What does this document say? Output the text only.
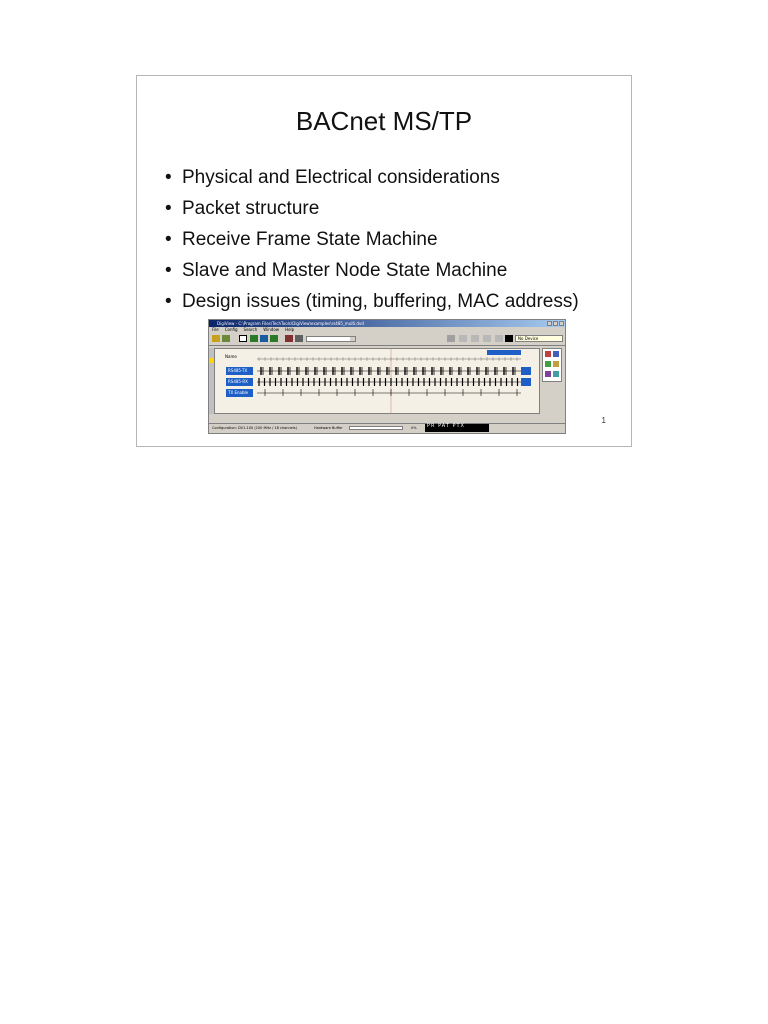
BACnet MS/TP
• Physical and Electrical considerations
• Packet structure
• Receive Frame State Machine
• Slave and Master Node State Machine
• Design issues (timing, buffering, MAC address)
DigiView - C:\Program Files\TechTools\DigiView\examples\rs485_multi.dvd
File Config Search Window Help
No Device
Name
RS485-TX
RS485-RX
TX Enable
Configuration: DV1-100 (100 MHz / 18 channels)	Hardware Buffer	0%	PR PAT PTX
1
